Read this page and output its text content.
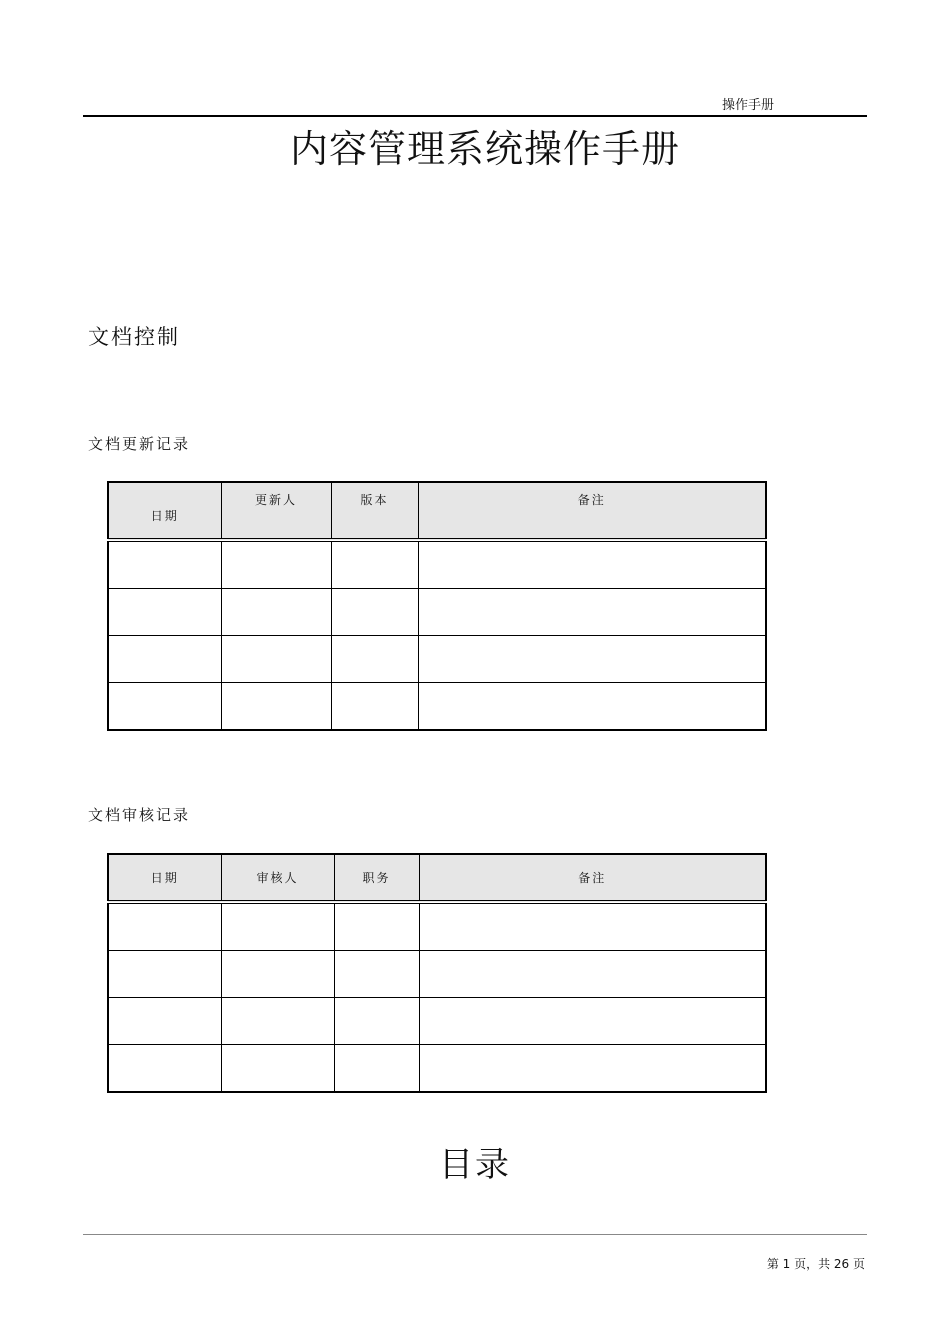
操作手册
内容管理系统操作手册
文档控制
文档更新记录
日期	更新人	版本	备注

文档审核记录
日期	审核人	职务	备注

目录
第 1 页，共 26 页
